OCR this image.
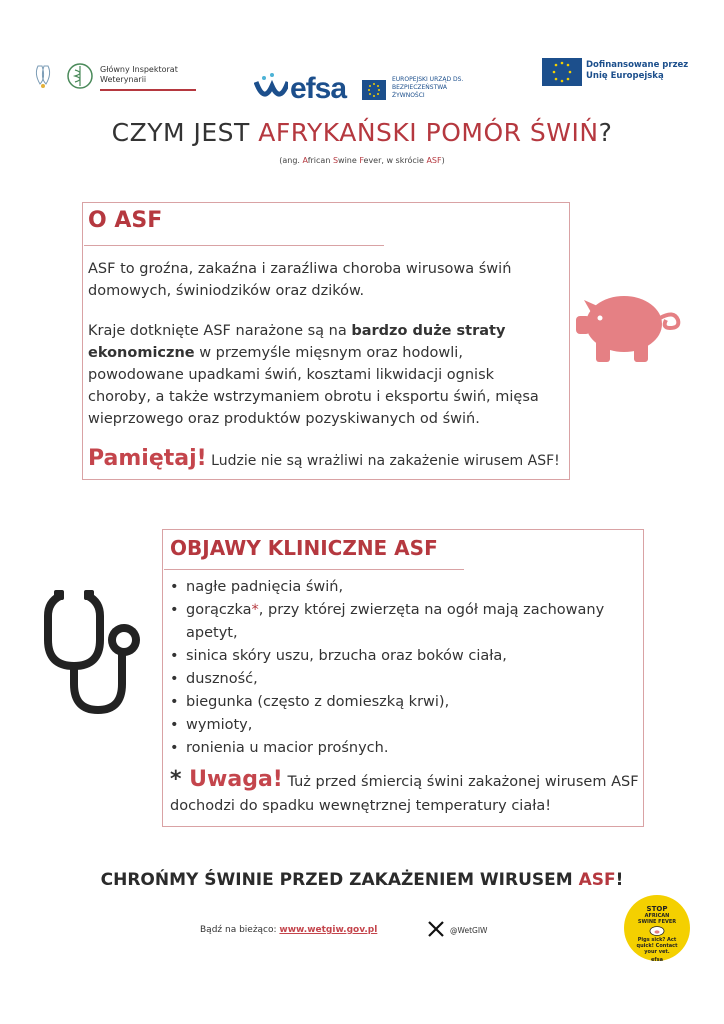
Główny Inspektorat Weterynarii	efsa	EUROPEJSKI URZĄD DS. BEZPIECZEŃSTWA ŻYWNOŚCI
Dofinansowane przez Unię Europejską
CZYM JEST AFRYKAŃSKI POMÓR ŚWIŃ?
(ang. African Swine Fever, w skrócie ASF)
O ASF
ASF to groźna, zakaźna i zaraźliwa choroba wirusowa świń domowych, świniodzików oraz dzików.
Kraje dotknięte ASF narażone są na bardzo duże straty ekonomiczne w przemyśle mięsnym oraz hodowli, powodowane upadkami świń, kosztami likwidacji ognisk choroby, a także wstrzymaniem obrotu i eksportu świń, mięsa wieprzowego oraz produktów pozyskiwanych od świń.
Pamiętaj! Ludzie nie są wrażliwi na zakażenie wirusem ASF!
OBJAWY KLINICZNE ASF
• nagłe padnięcia świń,
• gorączka*, przy której zwierzęta na ogół mają zachowany apetyt,
• sinica skóry uszu, brzucha oraz boków ciała,
• duszność,
• biegunka (często z domieszką krwi),
• wymioty,
• ronienia u macior prośnych.
* Uwaga! Tuż przed śmiercią świni zakażonej wirusem ASF dochodzi do spadku wewnętrznej temperatury ciała!
CHROŃMY ŚWINIE PRZED ZAKAŻENIEM WIRUSEM ASF!
Bądź na bieżąco: www.wetgiw.gov.pl	@WetGIW
STOP
AFRICAN SWINE FEVER
Pigs sick? Act quick! Contact your vet.
efsa
